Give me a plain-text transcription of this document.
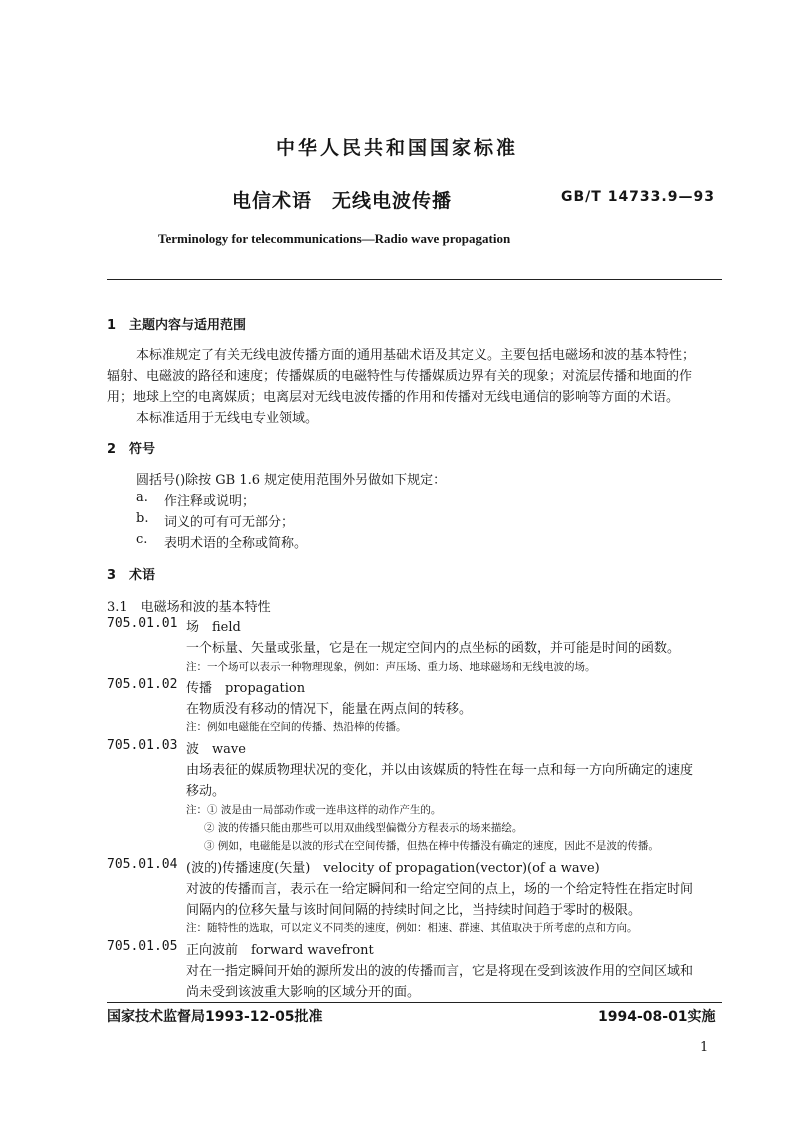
中华人民共和国国家标准
电信术语　无线电波传播	GB/T 14733.9—93
Terminology for telecommunications—Radio wave propagation
1　主题内容与适用范围
本标准规定了有关无线电波传播方面的通用基础术语及其定义。主要包括电磁场和波的基本特性；
辐射、电磁波的路径和速度；传播媒质的电磁特性与传播媒质边界有关的现象；对流层传播和地面的作
用；地球上空的电离媒质；电离层对无线电波传播的作用和传播对无线电通信的影响等方面的术语。
本标准适用于无线电专业领域。
2　符号
圆括号()除按 GB 1.6 规定使用范围外另做如下规定：
a. 作注释或说明；
b. 词义的可有可无部分；
c. 表明术语的全称或简称。
3　术语
3.1　电磁场和波的基本特性
705.01.01 场　field
一个标量、矢量或张量，它是在一规定空间内的点坐标的函数，并可能是时间的函数。
注：一个场可以表示一种物理现象，例如：声压场、重力场、地球磁场和无线电波的场。
705.01.02 传播　propagation
在物质没有移动的情况下，能量在两点间的转移。
注：例如电磁能在空间的传播、热沿棒的传播。
705.01.03 波　wave
由场表征的媒质物理状况的变化，并以由该媒质的特性在每一点和每一方向所确定的速度
移动。
注：① 波是由一局部动作或一连串这样的动作产生的。
② 波的传播只能由那些可以用双曲线型偏微分方程表示的场来描绘。
③ 例如，电磁能是以波的形式在空间传播，但热在棒中传播没有确定的速度，因此不是波的传播。
705.01.04 (波的)传播速度(矢量)　velocity of propagation(vector)(of a wave)
对波的传播而言，表示在一给定瞬间和一给定空间的点上，场的一个给定特性在指定时间
间隔内的位移矢量与该时间间隔的持续时间之比，当持续时间趋于零时的极限。
注：随特性的选取，可以定义不同类的速度，例如：相速、群速、其值取决于所考虑的点和方向。
705.01.05 正向波前　forward wavefront
对在一指定瞬间开始的源所发出的波的传播而言，它是将现在受到该波作用的空间区域和
尚未受到该波重大影响的区域分开的面。
国家技术监督局1993-12-05批准	1994-08-01实施
1
